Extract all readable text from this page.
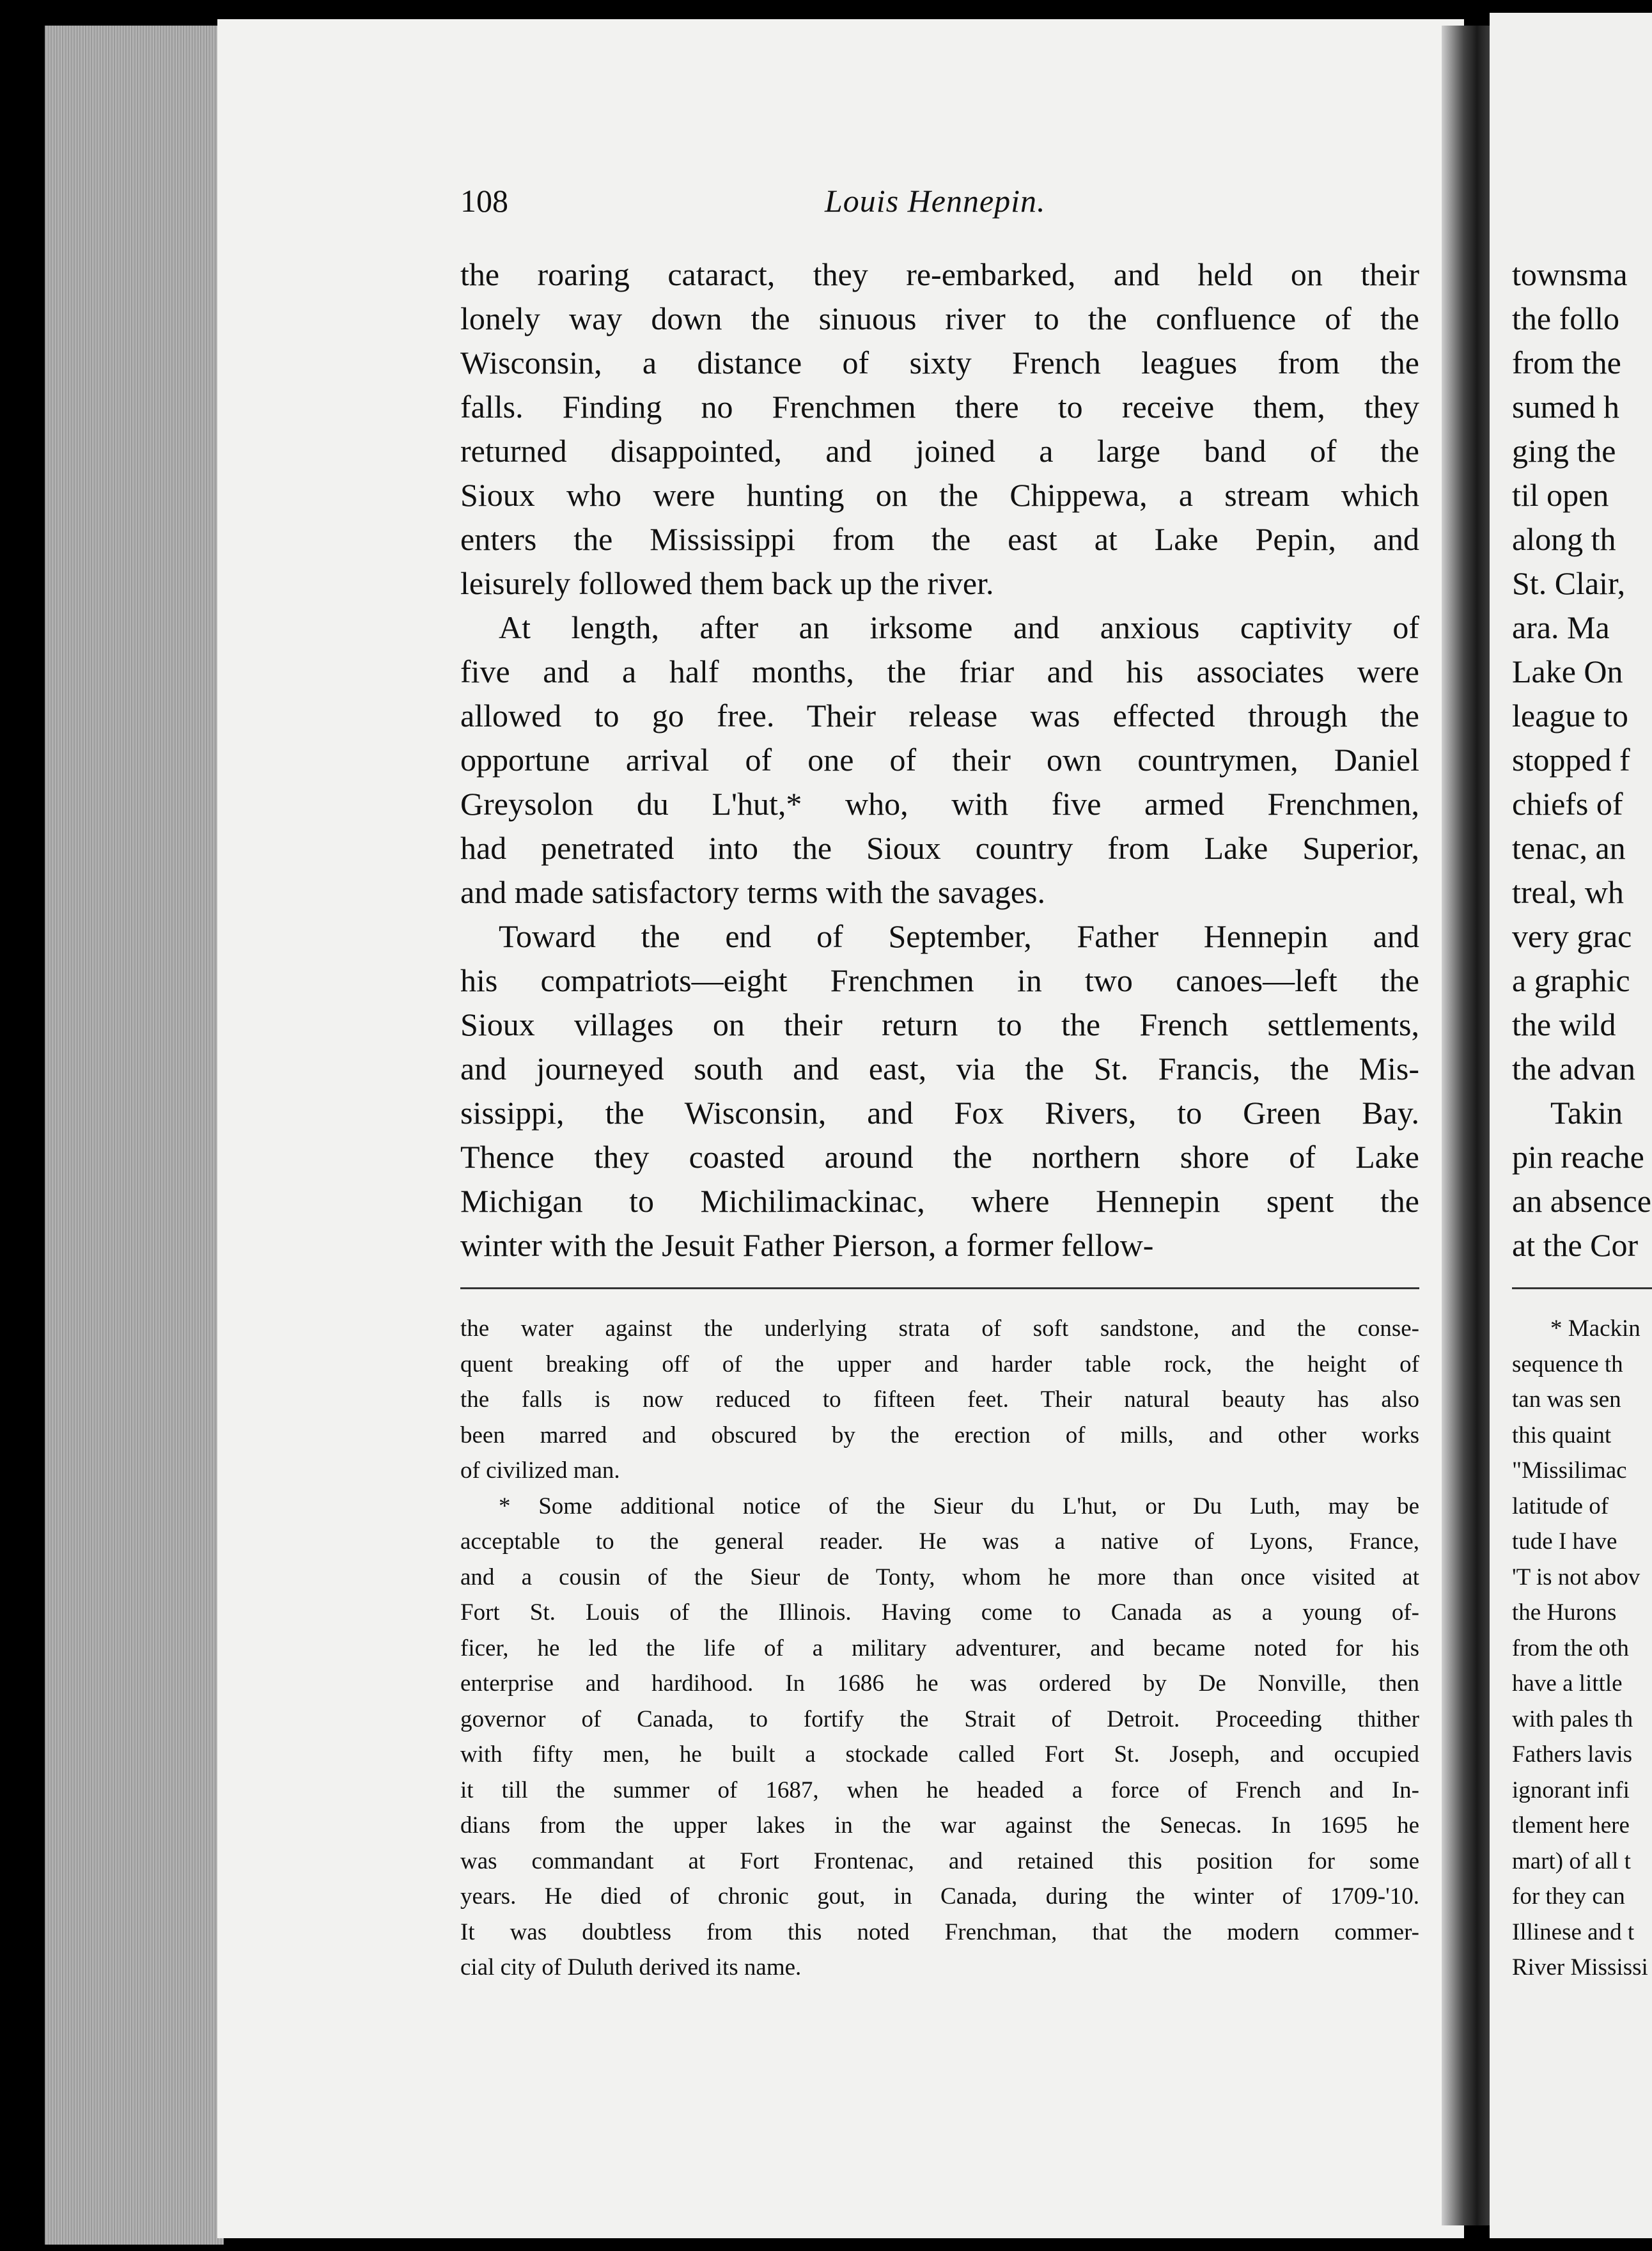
townsma
the follo
from the
sumed h
ging the
til open
along th
St. Clair,
ara. Ma
Lake On
league to
stopped f
chiefs of
tenac, an
treal, wh
very grac
a graphic
the wild
the advan
Takin
pin reache
an absence
at the Cor
* Mackin
sequence th
tan was sen
this quaint
"Missilimac
latitude of
tude I have
'T is not abov
the Hurons
from the oth
have a little
with pales th
Fathers lavis
ignorant infi
tlement here
mart) of all t
for they can
Illinese and t
River Mississi
108	Louis Hennepin.
the roaring cataract, they re-embarked, and held on their
lonely way down the sinuous river to the confluence of the
Wisconsin, a distance of sixty French leagues from the
falls. Finding no Frenchmen there to receive them, they
returned disappointed, and joined a large band of the
Sioux who were hunting on the Chippewa, a stream which
enters the Mississippi from the east at Lake Pepin, and
leisurely followed them back up the river.
At length, after an irksome and anxious captivity of
five and a half months, the friar and his associates were
allowed to go free. Their release was effected through the
opportune arrival of one of their own countrymen, Daniel
Greysolon du L'hut,* who, with five armed Frenchmen,
had penetrated into the Sioux country from Lake Superior,
and made satisfactory terms with the savages.
Toward the end of September, Father Hennepin and
his compatriots—eight Frenchmen in two canoes—left the
Sioux villages on their return to the French settlements,
and journeyed south and east, via the St. Francis, the Mis-
sissippi, the Wisconsin, and Fox Rivers, to Green Bay.
Thence they coasted around the northern shore of Lake
Michigan to Michilimackinac, where Hennepin spent the
winter with the Jesuit Father Pierson, a former fellow-
the water against the underlying strata of soft sandstone, and the conse-
quent breaking off of the upper and harder table rock, the height of
the falls is now reduced to fifteen feet. Their natural beauty has also
been marred and obscured by the erection of mills, and other works
of civilized man.
* Some additional notice of the Sieur du L'hut, or Du Luth, may be
acceptable to the general reader. He was a native of Lyons, France,
and a cousin of the Sieur de Tonty, whom he more than once visited at
Fort St. Louis of the Illinois. Having come to Canada as a young of-
ficer, he led the life of a military adventurer, and became noted for his
enterprise and hardihood. In 1686 he was ordered by De Nonville, then
governor of Canada, to fortify the Strait of Detroit. Proceeding thither
with fifty men, he built a stockade called Fort St. Joseph, and occupied
it till the summer of 1687, when he headed a force of French and In-
dians from the upper lakes in the war against the Senecas. In 1695 he
was commandant at Fort Frontenac, and retained this position for some
years. He died of chronic gout, in Canada, during the winter of 1709-'10.
It was doubtless from this noted Frenchman, that the modern commer-
cial city of Duluth derived its name.
